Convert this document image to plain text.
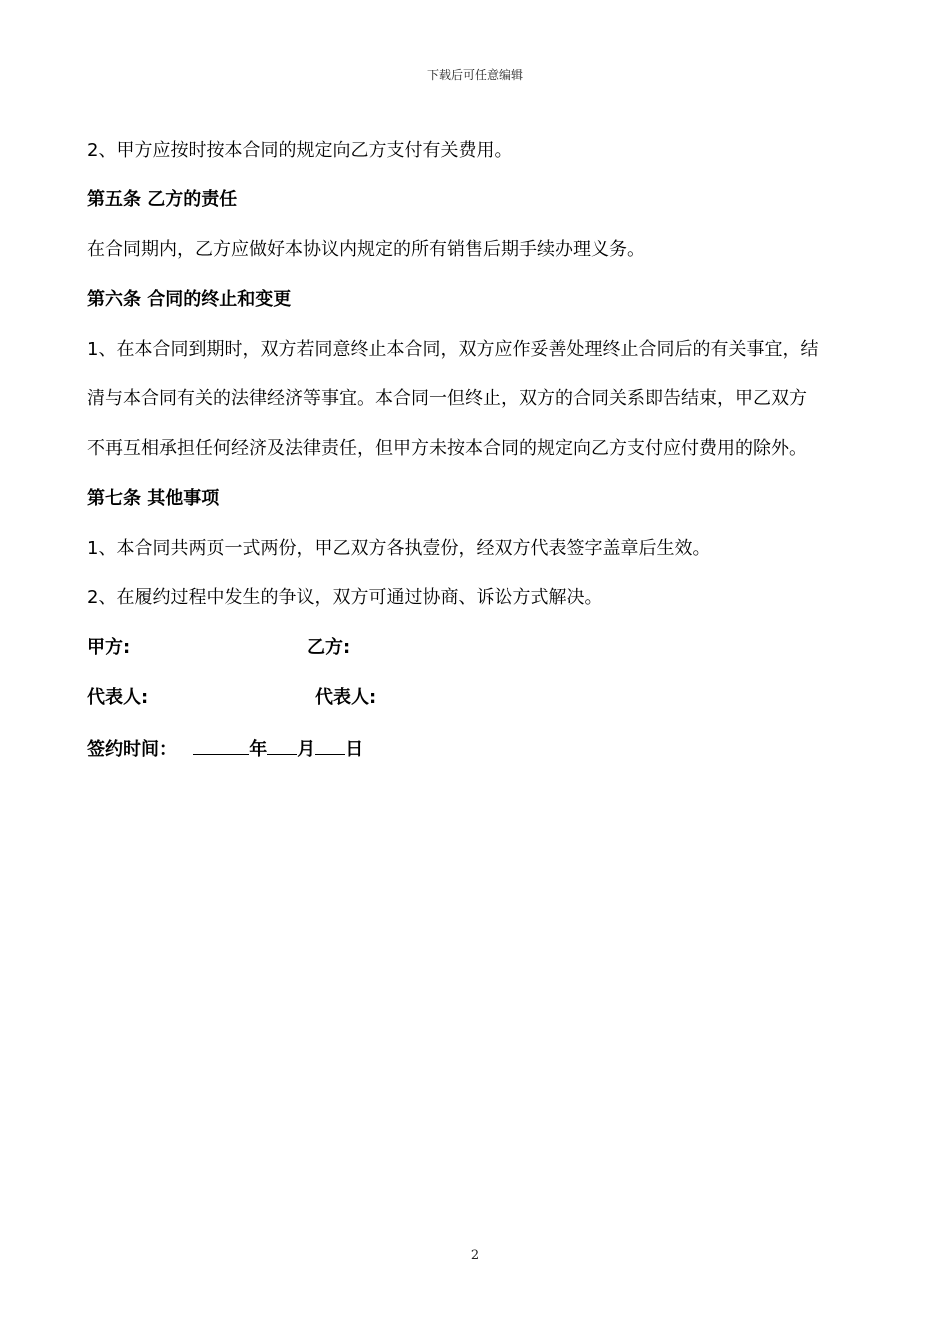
下载后可任意编辑
2、甲方应按时按本合同的规定向乙方支付有关费用。
第五条 乙方的责任
在合同期内，乙方应做好本协议内规定的所有销售后期手续办理义务。
第六条 合同的终止和变更
1、在本合同到期时，双方若同意终止本合同，双方应作妥善处理终止合同后的有关事宜，结
清与本合同有关的法律经济等事宜。本合同一但终止，双方的合同关系即告结束，甲乙双方
不再互相承担任何经济及法律责任，但甲方未按本合同的规定向乙方支付应付费用的除外。
第七条 其他事项
1、本合同共两页一式两份，甲乙双方各执壹份，经双方代表签字盖章后生效。
2、在履约过程中发生的争议，双方可通过协商、诉讼方式解决。
甲方:	乙方:
代表人:	代表人:
签约时间：	年 月 日
2
